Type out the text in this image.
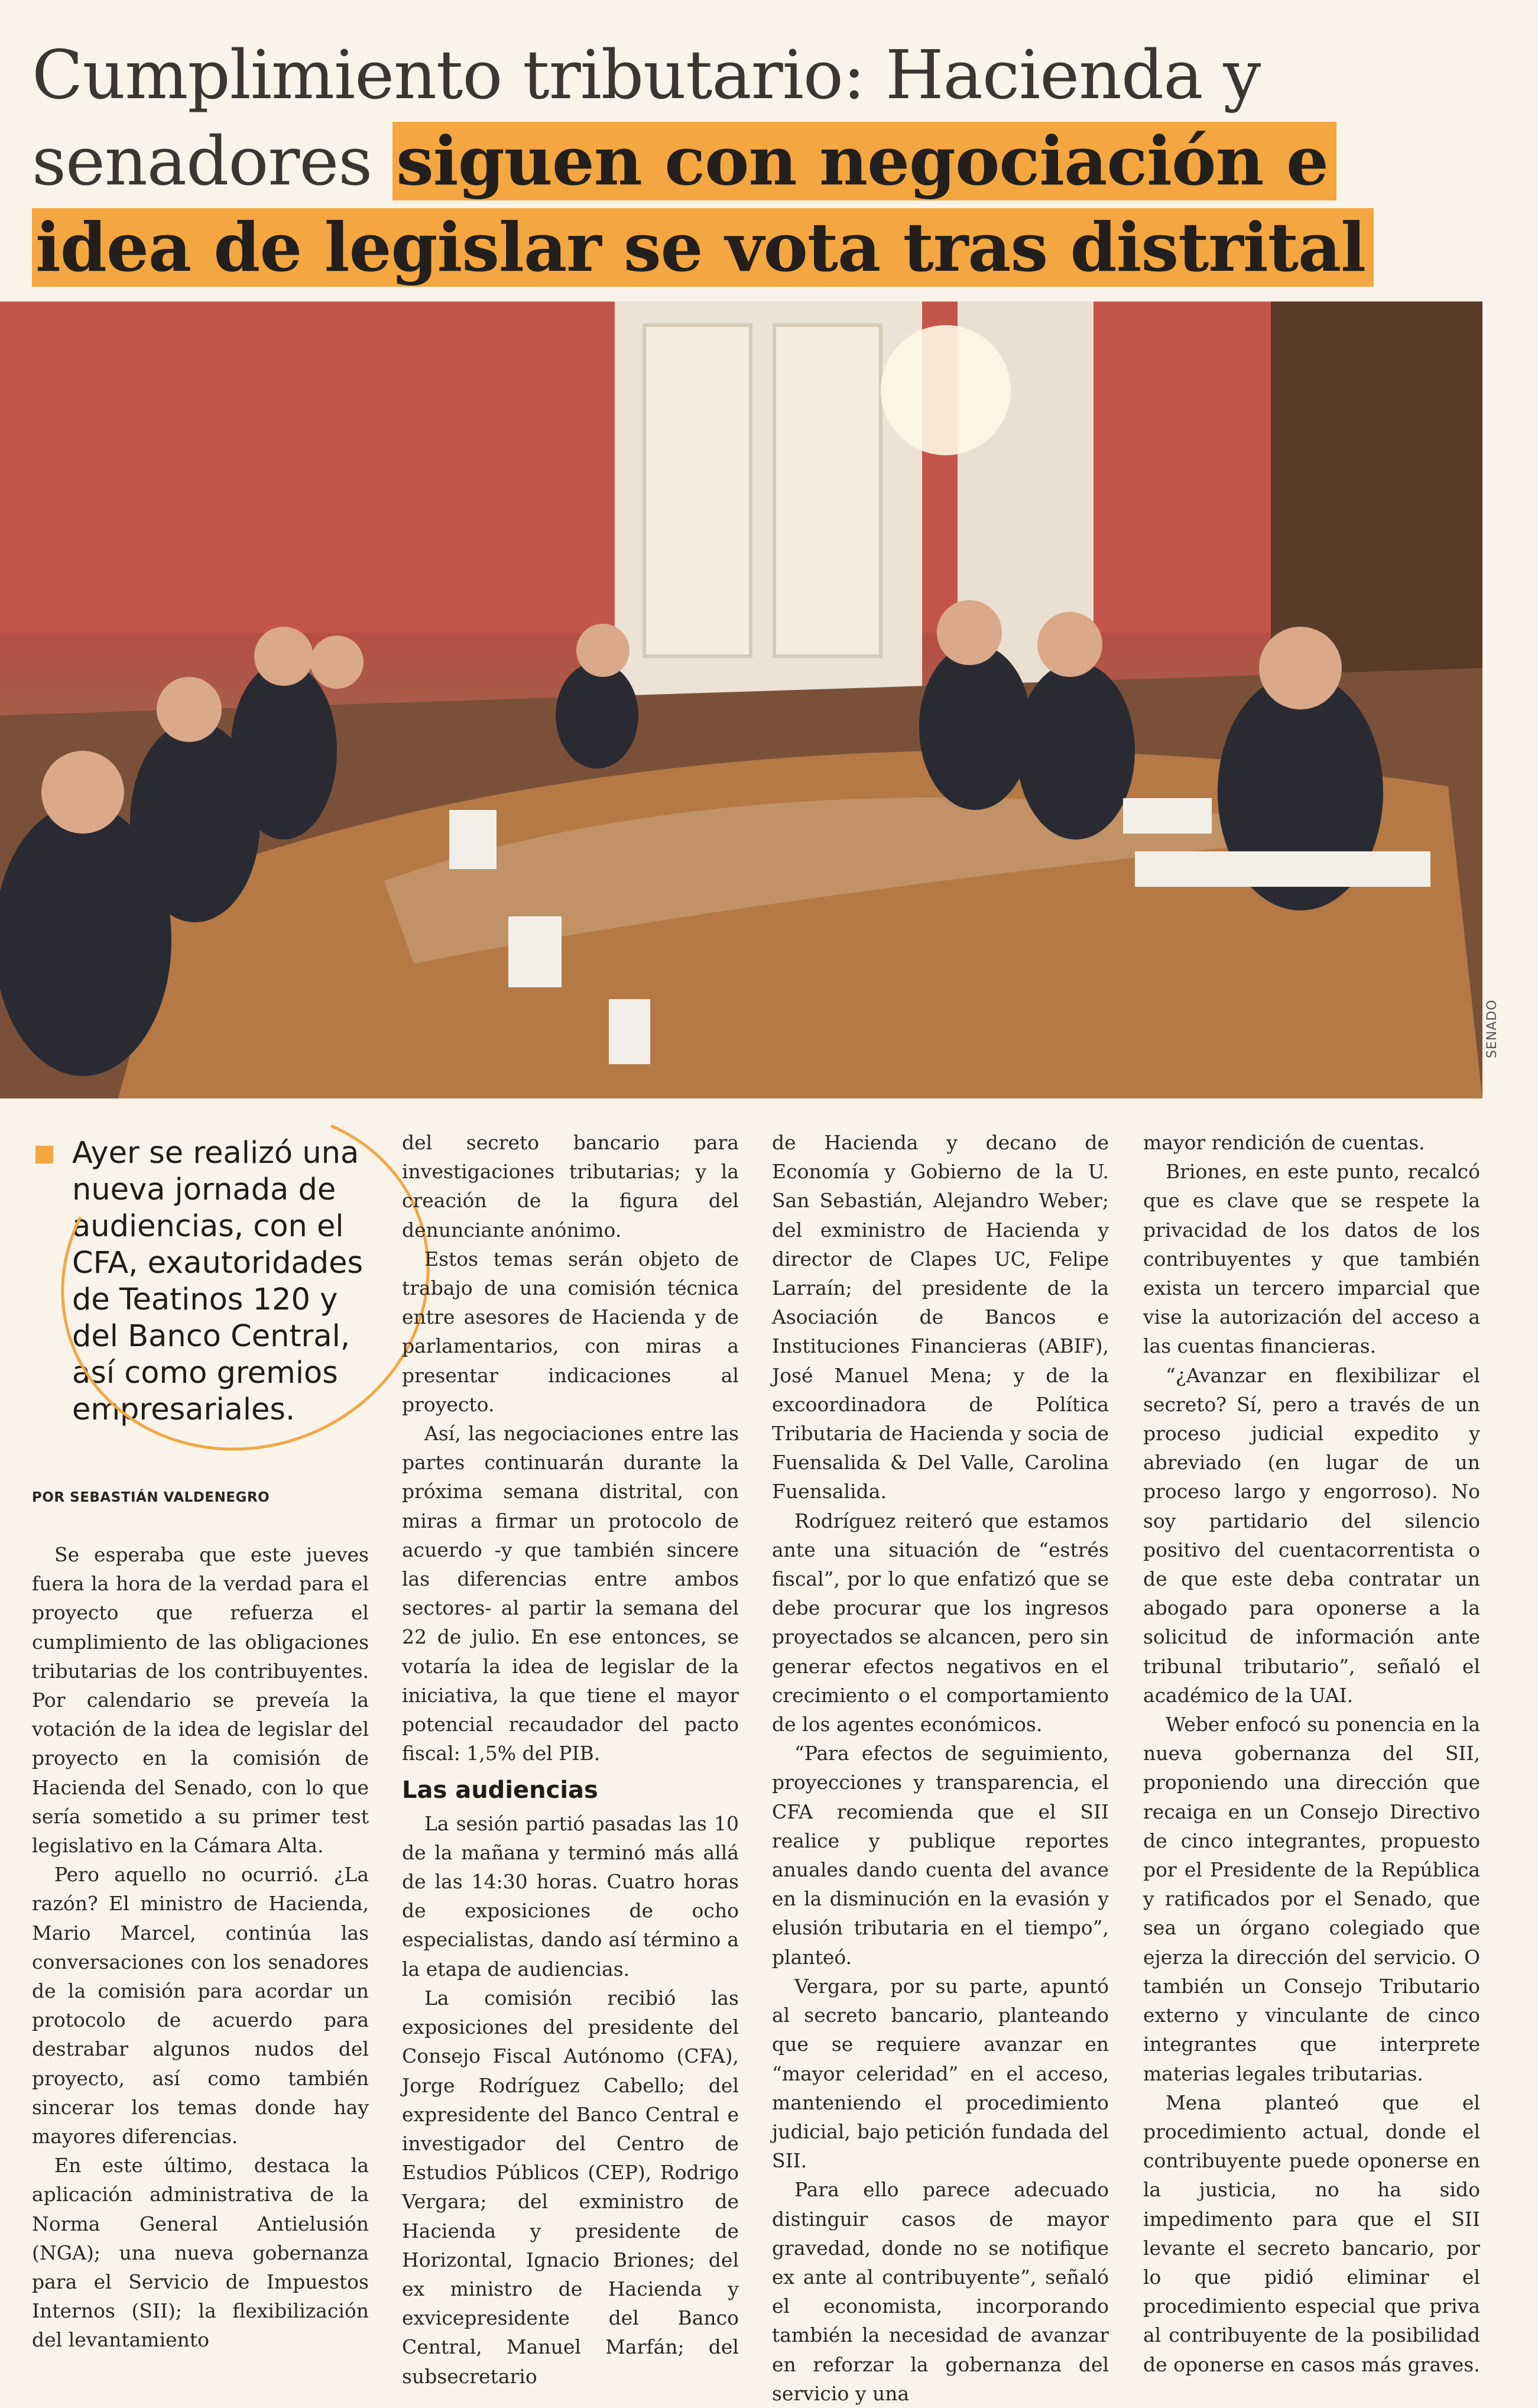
Cumplimiento tributario: Hacienda y
senadores siguen con negociación e
idea de legislar se vota tras distrital
SENADO
Ayer se realizó una nueva jornada de audiencias, con el CFA, exautoridades de Teatinos 120 y del Banco Central, así como gremios empresariales.
POR SEBASTIÁN VALDENEGRO

Se esperaba que este jueves fuera la hora de la verdad para el proyecto que refuerza el cumplimiento de las obligaciones tributarias de los contribuyentes. Por calendario se preveía la votación de la idea de legislar del proyecto en la comisión de Hacienda del Senado, con lo que sería sometido a su primer test legislativo en la Cámara Alta.

Pero aquello no ocurrió. ¿La razón? El ministro de Hacienda, Mario Marcel, continúa las conversaciones con los senadores de la comisión para acordar un protocolo de acuerdo para destrabar algunos nudos del proyecto, así como también sincerar los temas donde hay mayores diferencias.

En este último, destaca la aplicación administrativa de la Norma General Antielusión (NGA); una nueva gobernanza para el Servicio de Impuestos Internos (SII); la flexibilización del levantamiento

del secreto bancario para investigaciones tributarias; y la creación de la figura del denunciante anónimo.

Estos temas serán objeto de trabajo de una comisión técnica entre asesores de Hacienda y de parlamentarios, con miras a presentar indicaciones al proyecto.

Así, las negociaciones entre las partes continuarán durante la próxima semana distrital, con miras a firmar un protocolo de acuerdo -y que también sincere las diferencias entre ambos sectores- al partir la semana del 22 de julio. En ese entonces, se votaría la idea de legislar de la iniciativa, la que tiene el mayor potencial recaudador del pacto fiscal: 1,5% del PIB.

Las audiencias

La sesión partió pasadas las 10 de la mañana y terminó más allá de las 14:30 horas. Cuatro horas de exposiciones de ocho especialistas, dando así término a la etapa de audiencias.

La comisión recibió las exposiciones del presidente del Consejo Fiscal Autónomo (CFA), Jorge Rodríguez Cabello; del expresidente del Banco Central e investigador del Centro de Estudios Públicos (CEP), Rodrigo Vergara; del exministro de Hacienda y presidente de Horizontal, Ignacio Briones; del ex ministro de Hacienda y exvicepresidente del Banco Central, Manuel Marfán; del subsecretario

de Hacienda y decano de Economía y Gobierno de la U. San Sebastián, Alejandro Weber; del exministro de Hacienda y director de Clapes UC, Felipe Larraín; del presidente de la Asociación de Bancos e Instituciones Financieras (ABIF), José Manuel Mena; y de la excoordinadora de Política Tributaria de Hacienda y socia de Fuensalida & Del Valle, Carolina Fuensalida.

Rodríguez reiteró que estamos ante una situación de “estrés fiscal”, por lo que enfatizó que se debe procurar que los ingresos proyectados se alcancen, pero sin generar efectos negativos en el crecimiento o el comportamiento de los agentes económicos.

“Para efectos de seguimiento, proyecciones y transparencia, el CFA recomienda que el SII realice y publique reportes anuales dando cuenta del avance en la disminución en la evasión y elusión tributaria en el tiempo”, planteó.

Vergara, por su parte, apuntó al secreto bancario, planteando que se requiere avanzar en “mayor celeridad” en el acceso, manteniendo el procedimiento judicial, bajo petición fundada del SII.

Para ello parece adecuado distinguir casos de mayor gravedad, donde no se notifique ex ante al contribuyente”, señaló el economista, incorporando también la necesidad de avanzar en reforzar la gobernanza del servicio y una

mayor rendición de cuentas.

Briones, en este punto, recalcó que es clave que se respete la privacidad de los datos de los contribuyentes y que también exista un tercero imparcial que vise la autorización del acceso a las cuentas financieras.

“¿Avanzar en flexibilizar el secreto? Sí, pero a través de un proceso judicial expedito y abreviado (en lugar de un proceso largo y engorroso). No soy partidario del silencio positivo del cuentacorrentista o de que este deba contratar un abogado para oponerse a la solicitud de información ante tribunal tributario”, señaló el académico de la UAI.

Weber enfocó su ponencia en la nueva gobernanza del SII, proponiendo una dirección que recaiga en un Consejo Directivo de cinco integrantes, propuesto por el Presidente de la República y ratificados por el Senado, que sea un órgano colegiado que ejerza la dirección del servicio. O también un Consejo Tributario externo y vinculante de cinco integrantes que interprete materias legales tributarias.

Mena planteó que el procedimiento actual, donde el contribuyente puede oponerse en la justicia, no ha sido impedimento para que el SII levante el secreto bancario, por lo que pidió eliminar el procedimiento especial que priva al contribuyente de la posibilidad de oponerse en casos más graves.
